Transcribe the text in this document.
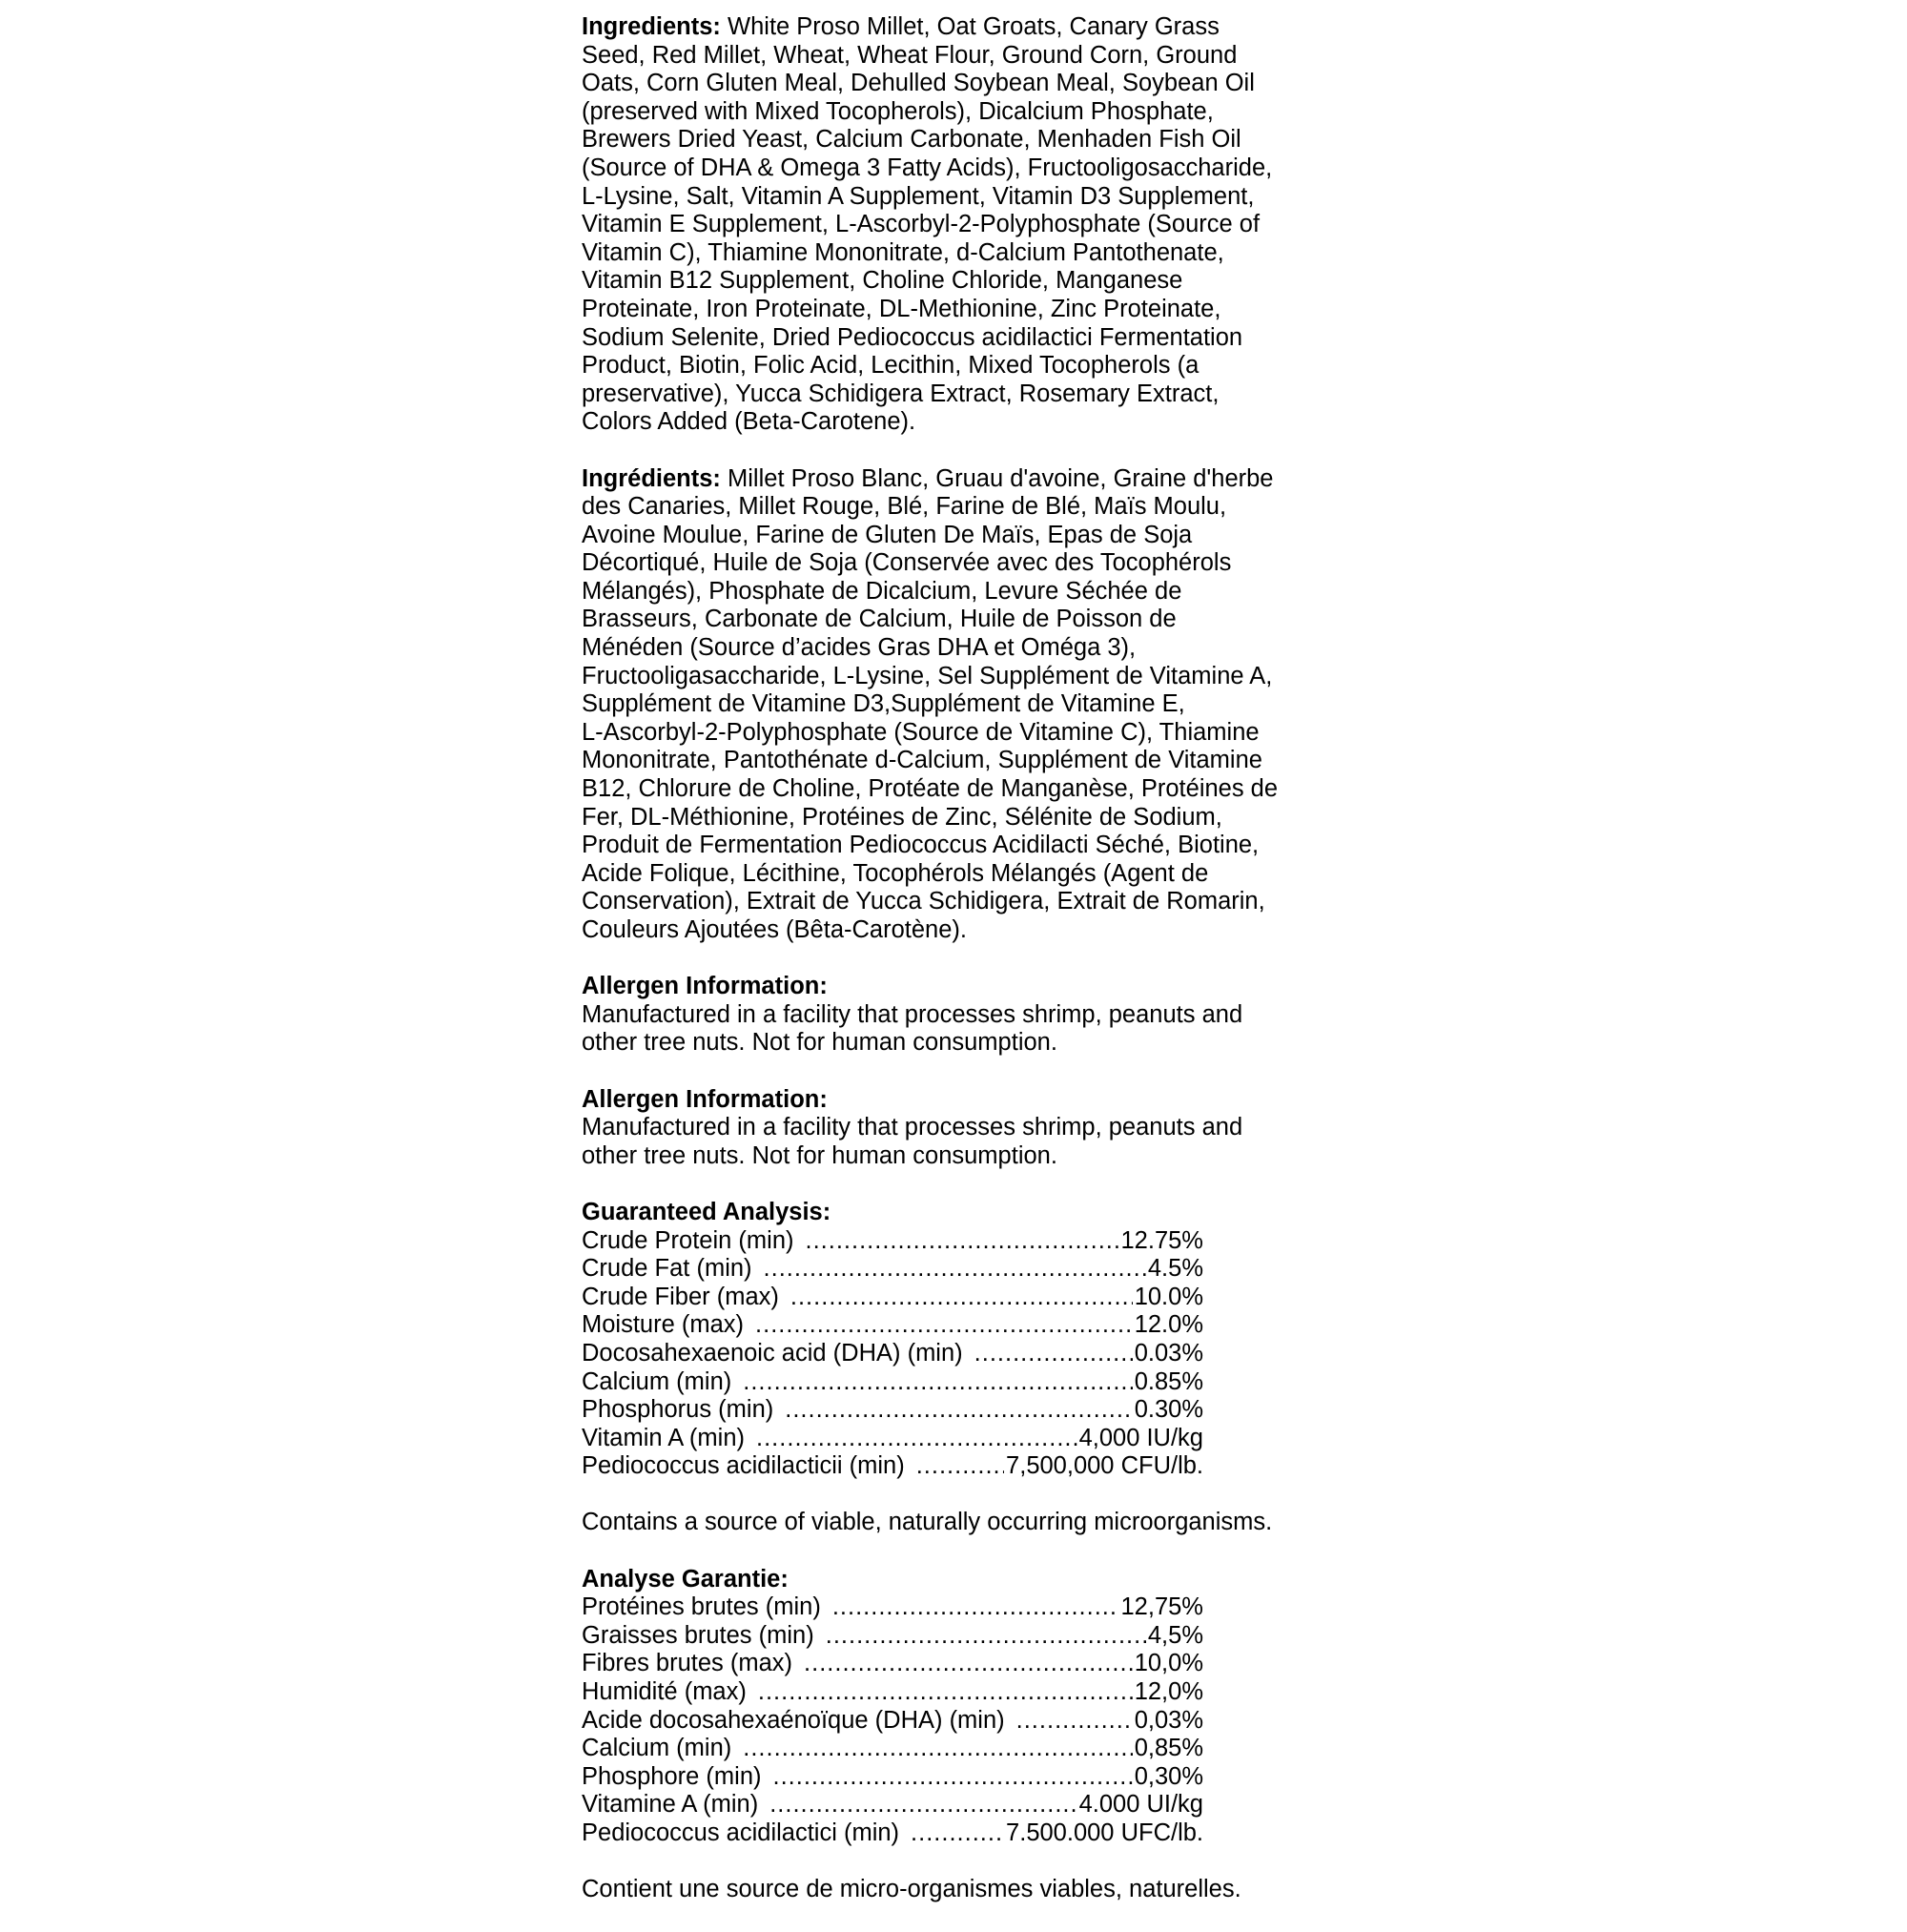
Ingredients: White Proso Millet, Oat Groats, Canary Grass
Seed, Red Millet, Wheat, Wheat Flour, Ground Corn, Ground
Oats, Corn Gluten Meal, Dehulled Soybean Meal, Soybean Oil
(preserved with Mixed Tocopherols), Dicalcium Phosphate,
Brewers Dried Yeast, Calcium Carbonate, Menhaden Fish Oil
(Source of DHA & Omega 3 Fatty Acids), Fructooligosaccharide,
L-Lysine, Salt, Vitamin A Supplement, Vitamin D3 Supplement,
Vitamin E Supplement, L-Ascorbyl-2-Polyphosphate (Source of
Vitamin C), Thiamine Mononitrate, d-Calcium Pantothenate,
Vitamin B12 Supplement, Choline Chloride, Manganese
Proteinate, Iron Proteinate, DL-Methionine, Zinc Proteinate,
Sodium Selenite, Dried Pediococcus acidilactici Fermentation
Product, Biotin, Folic Acid, Lecithin, Mixed Tocopherols (a
preservative), Yucca Schidigera Extract, Rosemary Extract,
Colors Added (Beta-Carotene).
Ingrédients: Millet Proso Blanc, Gruau d'avoine, Graine d'herbe
des Canaries, Millet Rouge, Blé, Farine de Blé, Maïs Moulu,
Avoine Moulue, Farine de Gluten De Maïs, Epas de Soja
Décortiqué, Huile de Soja (Conservée avec des Tocophérols
Mélangés), Phosphate de Dicalcium, Levure Séchée de
Brasseurs, Carbonate de Calcium, Huile de Poisson de
Ménéden (Source d’acides Gras DHA et Oméga 3),
Fructooligasaccharide, L-Lysine, Sel Supplément de Vitamine A,
Supplément de Vitamine D3,Supplément de Vitamine E,
L-Ascorbyl-2-Polyphosphate (Source de Vitamine C), Thiamine
Mononitrate, Pantothénate d-Calcium, Supplément de Vitamine
B12, Chlorure de Choline, Protéate de Manganèse, Protéines de
Fer, DL-Méthionine, Protéines de Zinc, Sélénite de Sodium,
Produit de Fermentation Pediococcus Acidilacti Séché, Biotine,
Acide Folique, Lécithine, Tocophérols Mélangés (Agent de
Conservation), Extrait de Yucca Schidigera, Extrait de Romarin,
Couleurs Ajoutées (Bêta-Carotène).
Allergen Information:
Manufactured in a facility that processes shrimp, peanuts and
other tree nuts. Not for human consumption.
Allergen Information:
Manufactured in a facility that processes shrimp, peanuts and
other tree nuts. Not for human consumption.
Guaranteed Analysis:
Crude Protein (min) .....	12.75%
Crude Fat (min) .....	4.5%
Crude Fiber (max) .....	10.0%
Moisture (max) .....	12.0%
Docosahexaenoic acid (DHA) (min) .....	0.03%
Calcium (min) .....	0.85%
Phosphorus (min) .....	0.30%
Vitamin A (min) .....	4,000 IU/kg
Pediococcus acidilacticii (min) .....	7,500,000 CFU/lb.
Contains a source of viable, naturally occurring microorganisms.
Analyse Garantie:
Protéines brutes (min) .....	12,75%
Graisses brutes (min) .....	4,5%
Fibres brutes (max) .....	10,0%
Humidité (max) .....	12,0%
Acide docosahexaénoïque (DHA) (min) .....	0,03%
Calcium (min) .....	0,85%
Phosphore (min) .....	0,30%
Vitamine A (min) .....	4.000 UI/kg
Pediococcus acidilactici (min) .....	7.500.000 UFC/lb.
Contient une source de micro-organismes viables, naturelles.
